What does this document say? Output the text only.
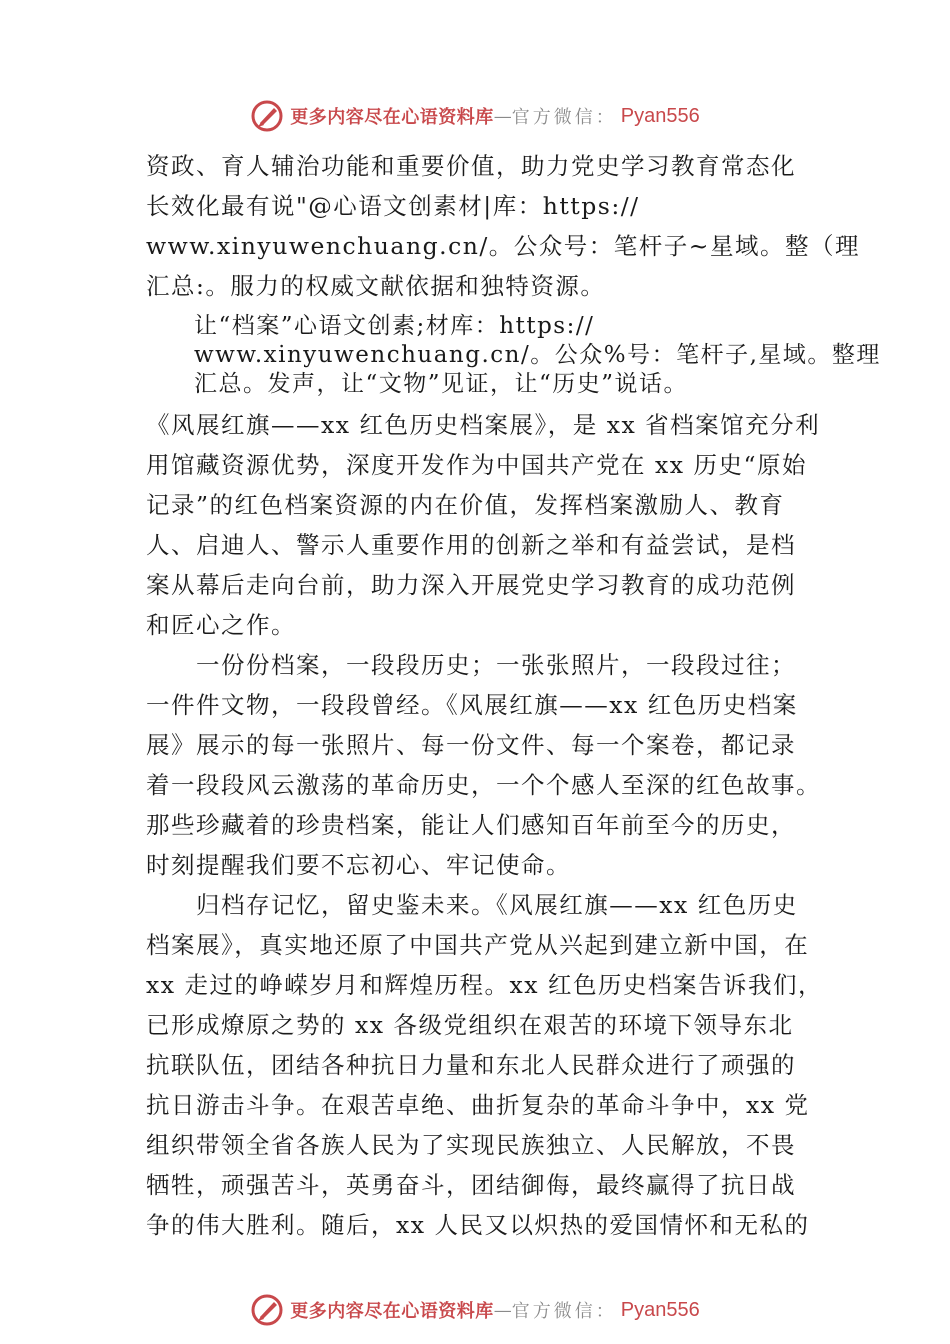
更多内容尽在心语资料库 — 官方微信： Pyan556
资政、育人辅治功能和重要价值，助力党史学习教育常态化
长效化最有说"@心语文创素材|库：https://
www.xinyuwenchuang.cn/。公众号：笔杆子~星域。整（理
汇总:。服力的权威文献依据和独特资源。
让“档案”心语文创素;材库：https://
www.xinyuwenchuang.cn/。公众%号：笔杆子,星域。整理
汇总。发声，让“文物”见证，让“历史”说话。
《风展红旗——xx 红色历史档案展》，是 xx 省档案馆充分利
用馆藏资源优势，深度开发作为中国共产党在 xx 历史“原始
记录”的红色档案资源的内在价值，发挥档案激励人、教育
人、启迪人、警示人重要作用的创新之举和有益尝试，是档
案从幕后走向台前，助力深入开展党史学习教育的成功范例
和匠心之作。
　　一份份档案，一段段历史；一张张照片，一段段过往；
一件件文物，一段段曾经。《风展红旗——xx 红色历史档案
展》展示的每一张照片、每一份文件、每一个案卷，都记录
着一段段风云激荡的革命历史，一个个感人至深的红色故事。
那些珍藏着的珍贵档案，能让人们感知百年前至今的历史，
时刻提醒我们要不忘初心、牢记使命。
　　归档存记忆，留史鉴未来。《风展红旗——xx 红色历史
档案展》，真实地还原了中国共产党从兴起到建立新中国，在
xx 走过的峥嵘岁月和辉煌历程。xx 红色历史档案告诉我们，
已形成燎原之势的 xx 各级党组织在艰苦的环境下领导东北
抗联队伍，团结各种抗日力量和东北人民群众进行了顽强的
抗日游击斗争。在艰苦卓绝、曲折复杂的革命斗争中，xx 党
组织带领全省各族人民为了实现民族独立、人民解放，不畏
牺牲，顽强苦斗，英勇奋斗，团结御侮，最终赢得了抗日战
争的伟大胜利。随后，xx 人民又以炽热的爱国情怀和无私的
更多内容尽在心语资料库 — 官方微信： Pyan556
